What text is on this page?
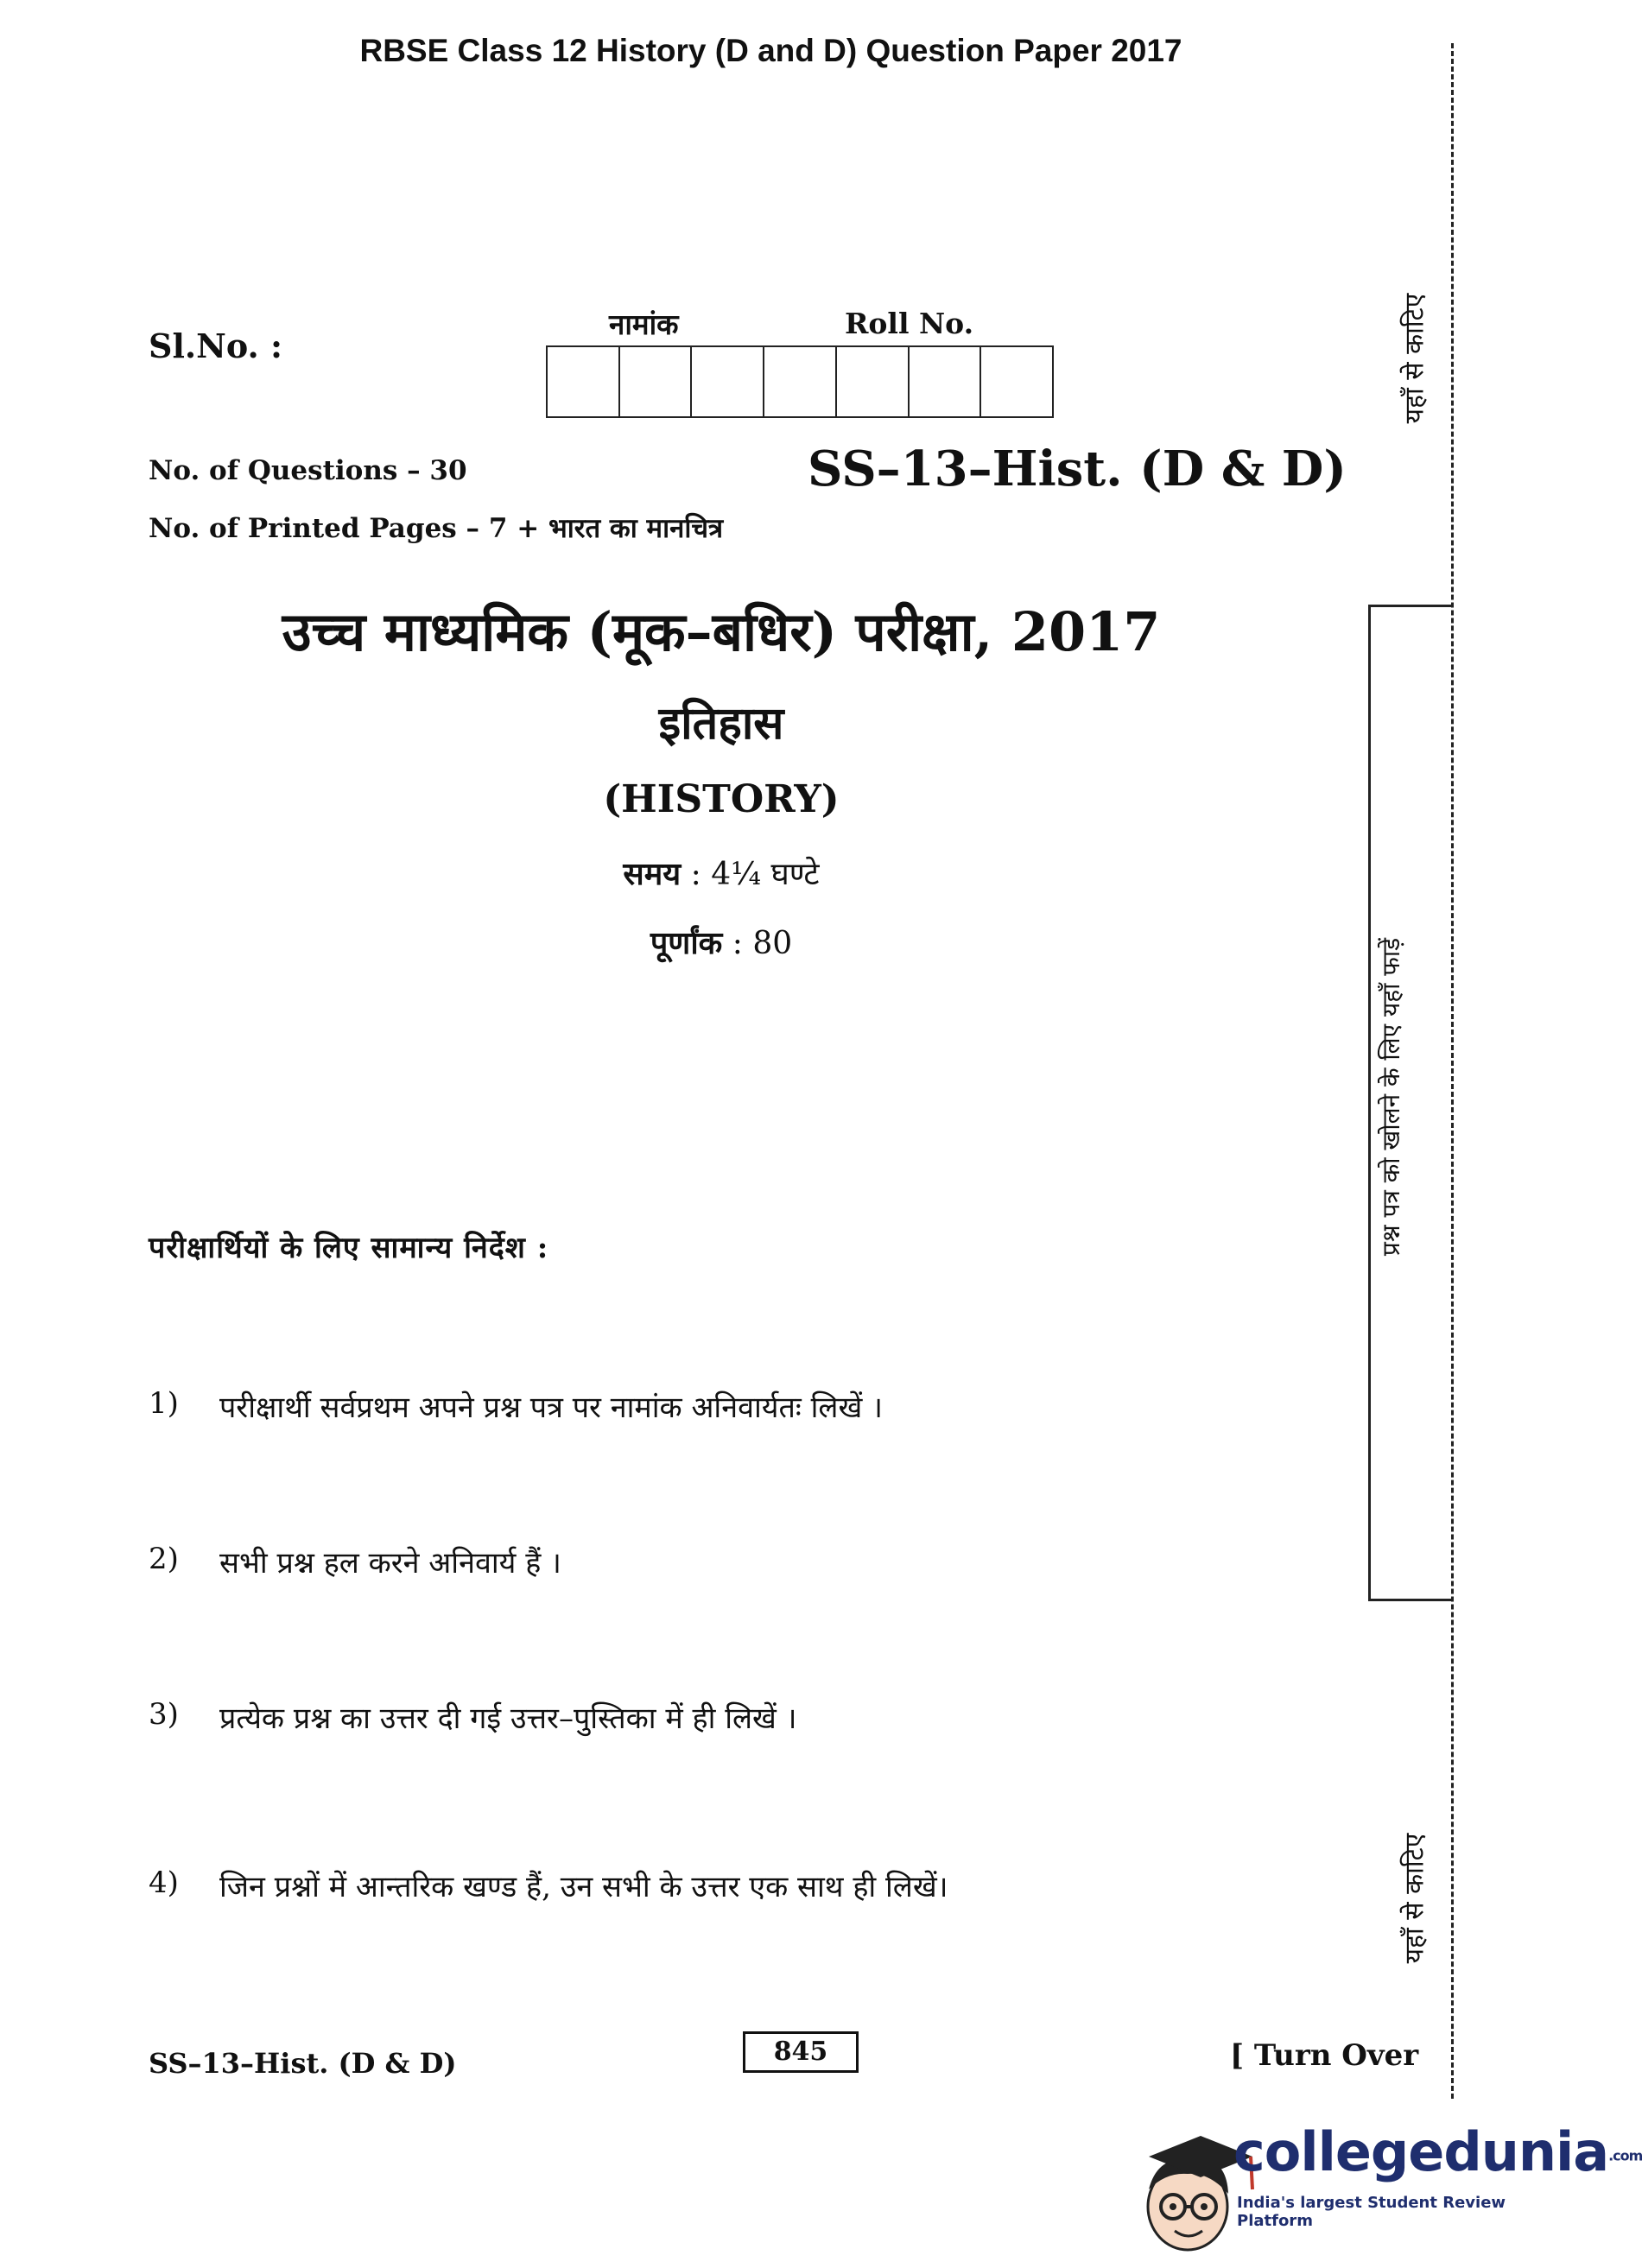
RBSE Class 12 History (D and D) Question Paper 2017
Sl.No. :
नामांक	Roll No.
No. of Questions – 30
No. of Printed Pages – 7 + भारत का मानचित्र
SS–13–Hist. (D & D)
उच्च माध्यमिक (मूक–बधिर) परीक्षा, 2017
इतिहास
(HISTORY)
समय : 4¼ घण्टे
पूर्णांक : 80
परीक्षार्थियों के लिए सामान्य निर्देश :
1)	परीक्षार्थी सर्वप्रथम अपने प्रश्न पत्र पर नामांक अनिवार्यतः लिखें ।
2)	सभी प्रश्न हल करने अनिवार्य हैं ।
3)	प्रत्येक प्रश्न का उत्तर दी गई उत्तर–पुस्तिका में ही लिखें ।
4)	जिन प्रश्नों में आन्तरिक खण्ड हैं, उन सभी के उत्तर एक साथ ही लिखें।
SS–13–Hist. (D & D)	845	[ Turn Over
यहाँ से काटिए
प्रश्न पत्र को खोलने के लिए यहाँ फाड़ें
यहाँ से काटिए
collegedunia.com
India's largest Student Review Platform
